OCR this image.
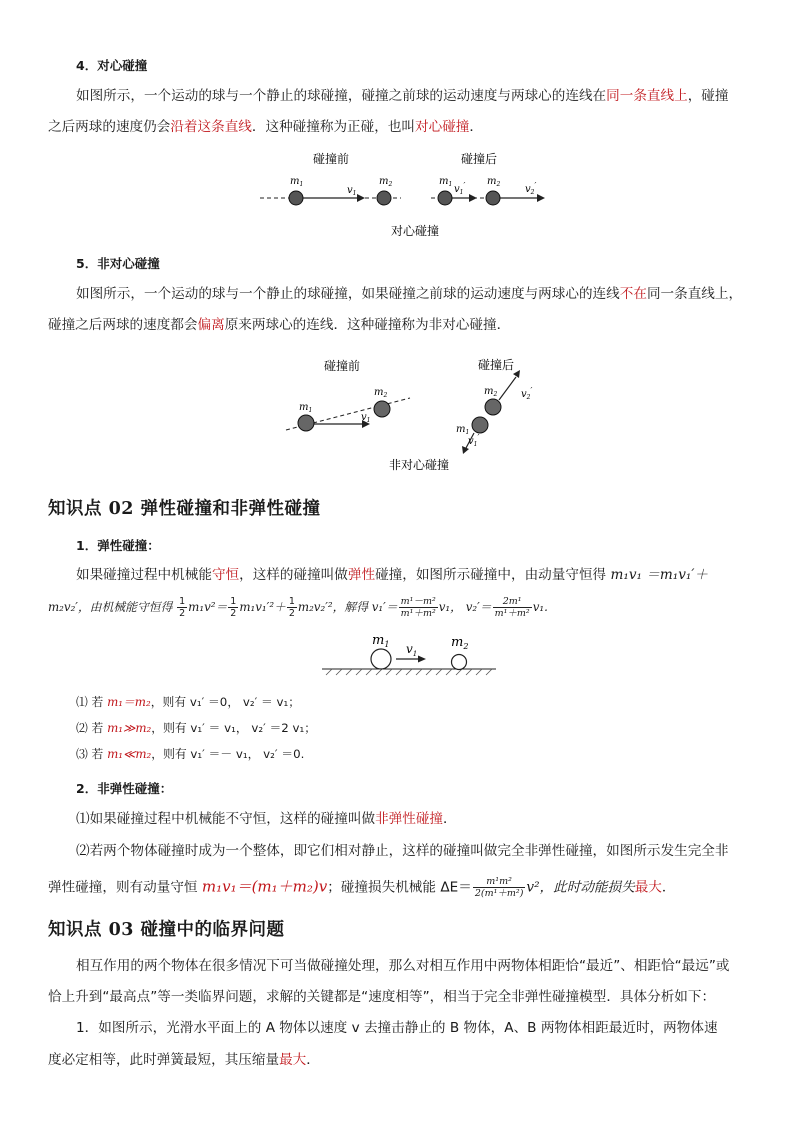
4．对心碰撞
如图所示，一个运动的球与一个静止的球碰撞，碰撞之前球的运动速度与两球心的连线在同一条直线上，碰撞
之后两球的速度仍会沿着这条直线．这种碰撞称为正碰，也叫对心碰撞．
碰撞前	碰撞后
$m_1$
$v_1$
$m_2$	$m_1$ $v_1'$ $m_2$ $v_2'$
对心碰撞
5．非对心碰撞
如图所示，一个运动的球与一个静止的球碰撞，如果碰撞之前球的运动速度与两球心的连线不在同一条直线上，
碰撞之后两球的速度都会偏离原来两球心的连线．这种碰撞称为非对心碰撞．
碰撞前	碰撞后
$m_1$
$v_1$
$m_2$	$m_2$ $v_2'$
$m_1$
$v_1'$
非对心碰撞
知识点 02 弹性碰撞和非弹性碰撞
1．弹性碰撞：
如果碰撞过程中机械能守恒，这样的碰撞叫做弹性碰撞，如图所示碰撞中，由动量守恒得 m₁v₁ ＝m₁v₁′＋
m₂v₂′，由机械能守恒得 $\frac{1}{2} m_1v^2= \frac{1}{2} m_1v_1'^2+ \frac{1}{2} m_2v_2'^2$，解得 $v_1'= \frac{\text{m¹－m²}}{\text{m¹＋m²}} v_1$， $v_2'= \frac{\text{2m¹}}{\text{m¹＋m²}} v_1$.
$m_1$ $v_1$
$m_2$
⑴ 若 m₁＝m₂，则有 v₁′ ＝0， v₂′ ＝ v₁；
⑵ 若 m₁≫m₂，则有 v₁′ ＝ v₁， v₂′ ＝2 v₁；
⑶ 若 m₁≪m₂，则有 v₁′ ＝－ v₁， v₂′ ＝0.
2．非弹性碰撞：
⑴如果碰撞过程中机械能不守恒，这样的碰撞叫做非弹性碰撞．
⑵若两个物体碰撞时成为一个整体，即它们相对静止，这样的碰撞叫做完全非弹性碰撞，如图所示发生完全非
弹性碰撞，则有动量守恒 m₁v₁＝(m₁＋m₂)v；碰撞损失机械能 $\Delta E= \frac{\text{m¹m²}}{\text{2(m¹＋m²)}} v^2$，此时动能损失最大．
知识点 03 碰撞中的临界问题
相互作用的两个物体在很多情况下可当做碰撞处理，那么对相互作用中两物体相距恰“最近”、相距恰“最远”或
恰上升到“最高点”等一类临界问题，求解的关键都是“速度相等”，相当于完全非弹性碰撞模型．具体分析如下：
1．如图所示，光滑水平面上的 A 物体以速度 v 去撞击静止的 B 物体，A、B 两物体相距最近时，两物体速
度必定相等，此时弹簧最短，其压缩量最大．
